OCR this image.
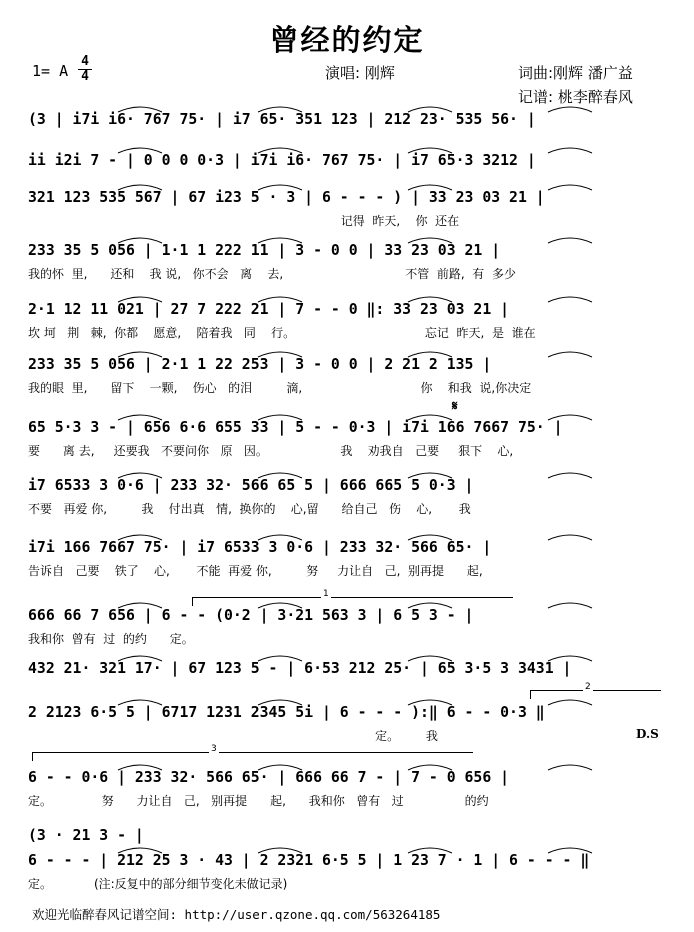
曾经的约定
1= A
4
4	演唱: 刚辉	词曲:刚辉 潘广益
记谱: 桃李醉春风
(3 | i7i i6· 767 75· | i7 65· 351 123 | 212 23· 535 56· |
ii i2i 7 - | 0 0 0 0·3 | i7i i6· 767 75· | i7 65·3 3212 |
321 123 535 567 | 67 i23 5 · 3 | 6 - - - ) | 33 23 03 21 |
记得  昨天,    你  还在
233 35 5 056 | 1·1 1 222 11 | 3 - 0 0 | 33 23 03 21 |
我的怀  里,      还和    我 说,   你不会   离    去,                                不管  前路,  有  多少
2·1 12 11 021 | 27 7 222 21 | 7 - - 0 ‖: 33 23 03 21 |
坎 坷   荆   棘,  你都    愿意,    陪着我   同    行。                                  忘记  昨天,  是  谁在
233 35 5 056 | 2·1 1 22 253 | 3 - 0 0 | 2 21 2 135 |
我的眼  里,      留下    一颗,    伤心   的泪         滴,                               你    和我  说,你决定
65 5·3 3 - | 656 6·6 655 33 | 5 - - 0·3 | i7i 166 7667 75· |
要      离 去,     还要我   不要问你   原   因。                   我    劝我自   己要     狠下    心,
i7 6533 3 0·6 | 233 32· 566 65 5 | 666 665 5 0·3 |
不要   再爱 你,         我    付出真   情,  换你的    心,留      给自己   伤    心,       我
i7i 166 7667 75· | i7 6533 3 0·6 | 233 32· 566 65· |
告诉自   己要    铁了    心,       不能  再爱 你,         努     力让自   己,  别再提      起,
666 66 7 656 | 6 - - (0·2 | 3·21 563 3 | 6 5 3 - |
我和你  曾有  过  的约      定。
432 21· 321 17· | 67 123 5 - | 6·53 212 25· | 65 3·5 3 3431 |
2 2123 6·5 5 | 6717 1231 2345 5i | 6 - - - ):‖ 6 - - 0·3 ‖
定。       我
6 - - 0·6 | 233 32· 566 65· | 666 66 7 - | 7 - 0 656 |
定。             努      力让自   己,   别再提      起,      我和你   曾有   过                的约
6 - - - | 212 25 3 · 43 | 2 2321 6·5 5 | 1 23 7 · 1 | 6 - - - ‖
定。           (注:反复中的部分细节变化未做记录)
𝄋
D.S
1
2
3
(3 · 21 3 - |
欢迎光临醉春风记谱空间: http://user.qzone.qq.com/563264185
